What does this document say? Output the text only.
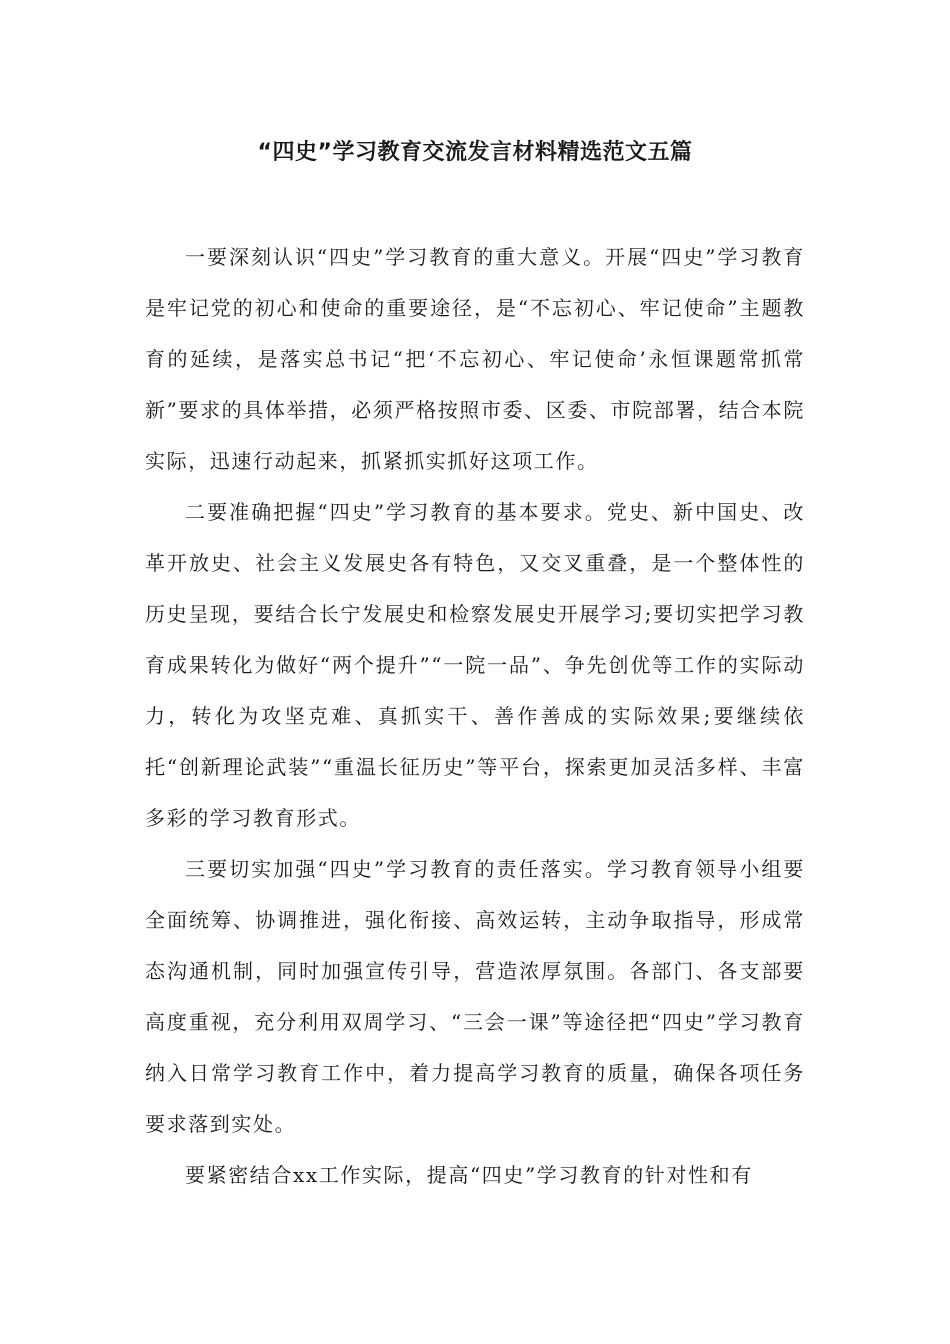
“四史”学习教育交流发言材料精选范文五篇

一要深刻认识“四史”学习教育的重大意义。开展“四史”学习教育是牢记党的初心和使命的重要途径，是“不忘初心、牢记使命”主题教育的延续，是落实总书记“把‘不忘初心、牢记使命’永恒课题常抓常新”要求的具体举措，必须严格按照市委、区委、市院部署，结合本院实际，迅速行动起来，抓紧抓实抓好这项工作。

二要准确把握“四史”学习教育的基本要求。党史、新中国史、改革开放史、社会主义发展史各有特色，又交叉重叠，是一个整体性的历史呈现，要结合长宁发展史和检察发展史开展学习;要切实把学习教育成果转化为做好“两个提升”“一院一品”、争先创优等工作的实际动力，转化为攻坚克难、真抓实干、善作善成的实际效果;要继续依托“创新理论武装”“重温长征历史”等平台，探索更加灵活多样、丰富多彩的学习教育形式。

三要切实加强“四史”学习教育的责任落实。学习教育领导小组要全面统筹、协调推进，强化衔接、高效运转，主动争取指导，形成常态沟通机制，同时加强宣传引导，营造浓厚氛围。各部门、各支部要高度重视，充分利用双周学习、“三会一课”等途径把“四史”学习教育纳入日常学习教育工作中，着力提高学习教育的质量，确保各项任务要求落到实处。

要紧密结合xx工作实际，提高“四史”学习教育的针对性和有
